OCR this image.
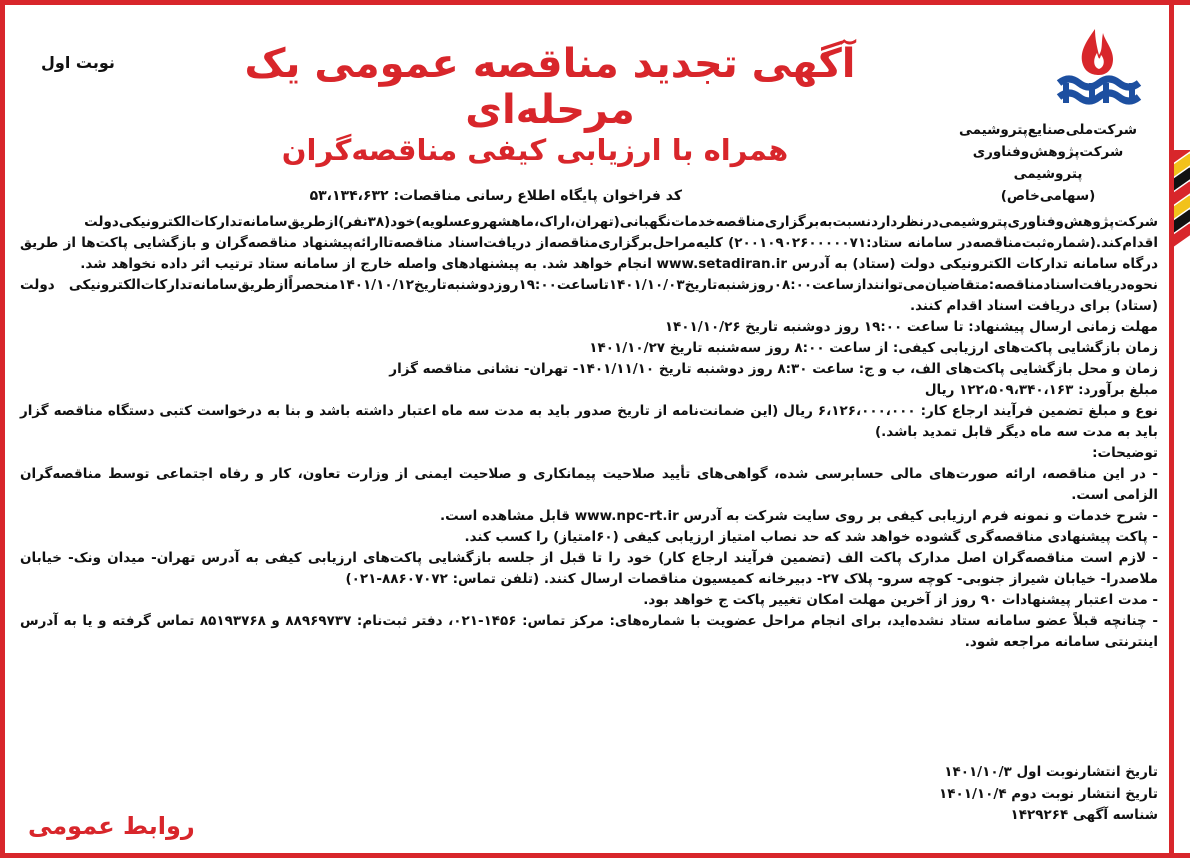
شرکت‌ملی‌صنایع‌پتروشیمی
شرکت‌پژوهش‌وفناوری پتروشیمی
(سهامی‌خاص)
آگهی تجدید مناقصه عمومی یک مرحله‌ای
همراه با ارزیابی کیفی مناقصه‌گران
نوبت اول
کد فراخوان پایگاه اطلاع رسانی مناقصات: ۵۳،۱۳۴،۶۳۲

شرکت‌پژوهش‌وفناوری‌پتروشیمی‌درنظرداردنسبت‌به‌برگزاری‌مناقصه‌خدمات‌نگهبانی‌(تهران،اراک،ماهشهروعسلویه)خود(۳۸نفر)ازطریق‌سامانه‌تدارکات‌الکترونیکی‌دولت اقدام‌کند.(شماره‌ثبت‌مناقصه‌در سامانه ستاد:۲۰۰۱۰۹۰۲۶۰۰۰۰۰۷۱) کلیه‌مراحل‌برگزاری‌مناقصه‌از دریافت‌اسناد مناقصه‌تاارائه‌پیشنهاد مناقصه‌گران و بازگشایی پاکت‌ها از طریق درگاه سامانه تدارکات الکترونیکی دولت (ستاد) به آدرس www.setadiran.ir انجام خواهد شد. به پیشنهادهای واصله خارج از سامانه ستاد ترتیب اثر داده نخواهد شد.

نحوه‌دریافت‌اسنادمناقصه:متقاضیان‌می‌توانندازساعت۰۸:۰۰روزشنبه‌تاریخ۱۴۰۱/۱۰/۰۳تاساعت۱۹:۰۰روزدوشنبه‌تاریخ۱۴۰۱/۱۰/۱۲منحصراًازطریق‌سامانه‌تدارکات‌الکترونیکی دولت (ستاد) برای دریافت اسناد اقدام کنند.

مهلت زمانی ارسال پیشنهاد: تا ساعت ۱۹:۰۰ روز دوشنبه تاریخ ۱۴۰۱/۱۰/۲۶

زمان بازگشایی پاکت‌های ارزیابی کیفی: از ساعت ۸:۰۰ روز سه‌شنبه تاریخ ۱۴۰۱/۱۰/۲۷

زمان و محل بازگشایی پاکت‌های الف، ب و ج: ساعت ۸:۳۰ روز دوشنبه تاریخ ۱۴۰۱/۱۱/۱۰- تهران- نشانی مناقصه گزار

مبلغ برآورد: ۱۲۲،۵۰۹،۳۴۰،۱۶۳ ریال

نوع و مبلغ تضمین فرآیند ارجاع کار: ۶،۱۲۶،۰۰۰،۰۰۰ ریال (این ضمانت‌نامه از تاریخ صدور باید به مدت سه ماه اعتبار داشته باشد و بنا به درخواست کتبی دستگاه مناقصه گزار باید به مدت سه ماه دیگر قابل تمدید باشد.)

توضیحات:

- در این مناقصه، ارائه صورت‌های مالی حسابرسی شده، گواهی‌های تأیید صلاحیت پیمانکاری و صلاحیت ایمنی از وزارت تعاون، کار و رفاه اجتماعی توسط مناقصه‌گران الزامی است.

- شرح خدمات و نمونه فرم ارزیابی کیفی بر روی سایت شرکت به آدرس www.npc-rt.ir قابل مشاهده است.

- پاکت پیشنهادی مناقصه‌گری گشوده خواهد شد که حد نصاب امتیاز ارزیابی کیفی (۶۰امتیاز) را کسب کند.

- لازم است مناقصه‌گران اصل مدارک پاکت الف (تضمین فرآیند ارجاع کار) خود را تا قبل از جلسه بازگشایی پاکت‌های ارزیابی کیفی به آدرس تهران- میدان ونک- خیابان ملاصدرا- خیابان شیراز جنوبی- کوچه سرو- پلاک ۲۷- دبیرخانه کمیسیون مناقصات ارسال کنند. (تلفن تماس: ۸۸۶۰۷۰۷۲-۰۲۱)

- مدت اعتبار پیشنهادات ۹۰ روز از آخرین مهلت امکان تغییر پاکت ج خواهد بود.

- چنانچه قبلاً عضو سامانه ستاد نشده‌اید، برای انجام مراحل عضویت با شماره‌های: مرکز تماس: ۱۴۵۶-۰۲۱، دفتر ثبت‌نام: ۸۸۹۶۹۷۳۷ و ۸۵۱۹۳۷۶۸ تماس گرفته و یا به آدرس اینترنتی سامانه مراجعه شود.

تاریخ انتشارنوبت اول ۱۴۰۱/۱۰/۳
تاریخ انتشار نوبت دوم ۱۴۰۱/۱۰/۴
شناسه آگهی ۱۴۲۹۲۶۴
روابط عمومی
